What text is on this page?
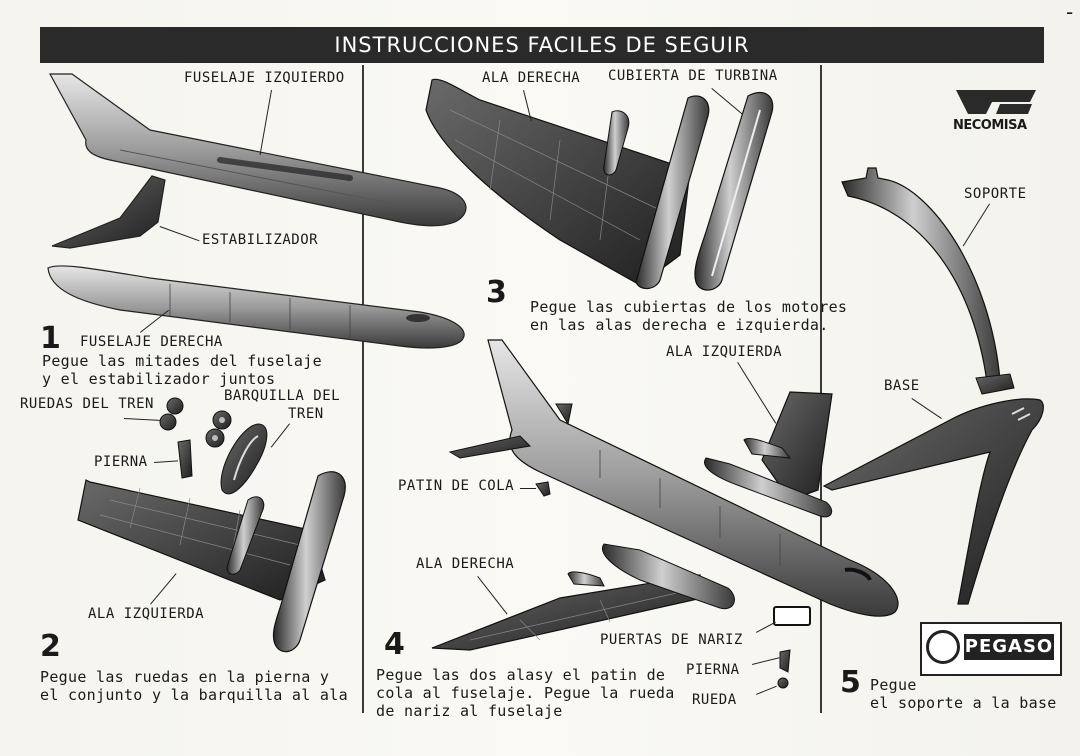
INSTRUCCIONES FACILES DE SEGUIR
-
NECOMISA
PEGASO
FUSELAJE IZQUIERDO
ESTABILIZADOR
1 FUSELAJE DERECHA
Pegue las mitades del fuselaje
y el estabilizador juntos
RUEDAS DEL TREN	BARQUILLA DEL
TREN
PIERNA
ALA IZQUIERDA
2
Pegue las ruedas en la pierna y
el conjunto y la barquilla al ala
ALA DERECHA CUBIERTA DE TURBINA
3 Pegue las cubiertas de los motores
en las alas derecha e izquierda.
ALA IZQUIERDA
PATIN DE COLA
ALA DERECHA
4
Pegue las dos alasy el patin de
cola al fuselaje. Pegue la rueda
de nariz al fuselaje
PUERTAS DE NARIZ
PIERNA
RUEDA
SOPORTE
BASE
5 Pegue
el soporte a la base
